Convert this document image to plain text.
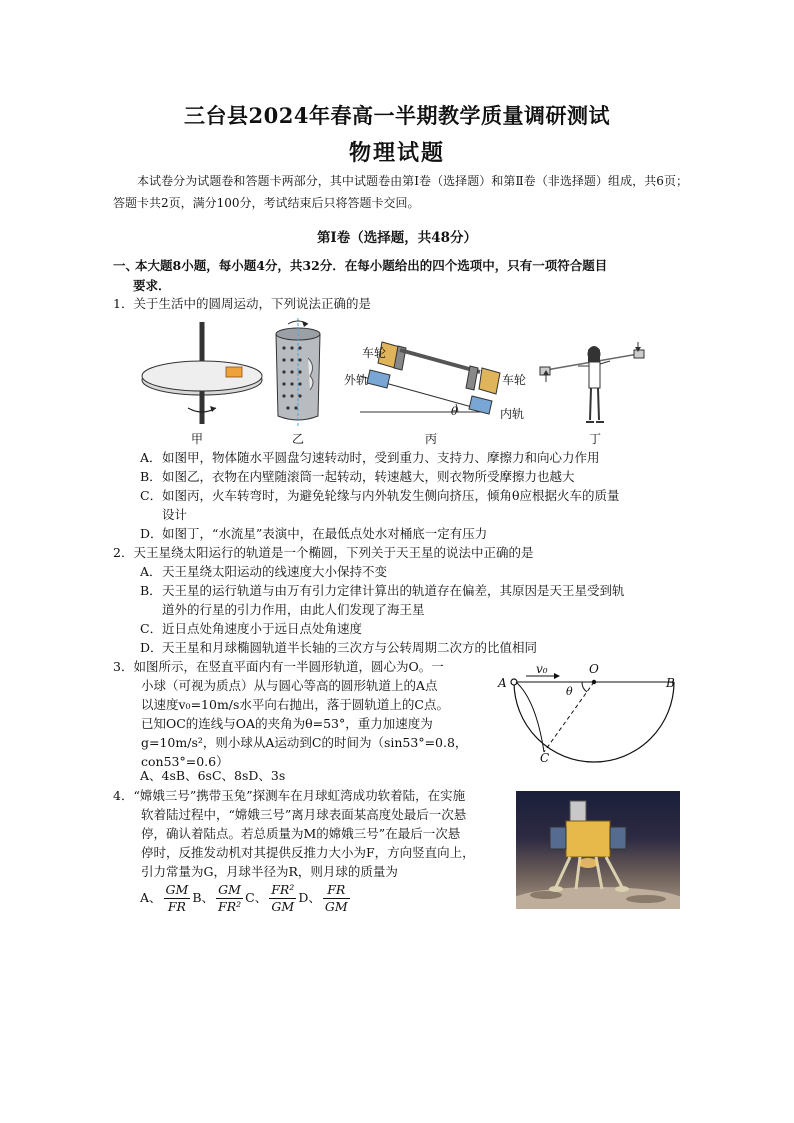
三台县2024年春高一半期教学质量调研测试
物理试题
本试卷分为试题卷和答题卡两部分，其中试题卷由第Ⅰ卷（选择题）和第Ⅱ卷（非选择题）组成，共6页；答题卡共2页，满分100分，考试结束后只将答题卡交回。
第Ⅰ卷（选择题，共48分）
一、本大题8小题，每小题4分，共32分．在每小题给出的四个选项中，只有一项符合题目
要求．
1．关于生活中的圆周运动，下列说法正确的是
车轮
外轨	车轮
内轨
θ
甲	乙	丙	丁
A．如图甲，物体随水平圆盘匀速转动时，受到重力、支持力、摩擦力和向心力作用
B．如图乙，衣物在内壁随滚筒一起转动，转速越大，则衣物所受摩擦力也越大
C．如图丙，火车转弯时，为避免轮缘与内外轨发生侧向挤压，倾角θ应根据火车的质量
设计
D．如图丁，“水流星”表演中，在最低点处水对桶底一定有压力
2．天王星绕太阳运行的轨道是一个椭圆，下列关于天王星的说法中正确的是
A．天王星绕太阳运动的线速度大小保持不变
B．天王星的运行轨道与由万有引力定律计算出的轨道存在偏差，其原因是天王星受到轨
道外的行星的引力作用，由此人们发现了海王星
C．近日点处角速度小于远日点处角速度
D．天王星和月球椭圆轨道半长轴的三次方与公转周期二次方的比值相同
3．如图所示，在竖直平面内有一半圆形轨道，圆心为O。一
小球（可视为质点）从与圆心等高的圆形轨道上的A点
以速度v₀=10m/s水平向右抛出，落于圆轨道上的C点。
已知OC的连线与OA的夹角为θ=53°，重力加速度为
g=10m/s²，则小球从A运动到C的时间为（sin53°=0.8，
con53°=0.6）
A、4sB、6sC、8sD、3s
A
v₀	O
θ
B
C
4．“嫦娥三号”携带玉兔”探测车在月球虹湾成功软着陆，在实施
软着陆过程中，“嫦娥三号”离月球表面某高度处最后一次悬
停，确认着陆点。若总质量为M的嫦娥三号”在最后一次悬
停时，反推发动机对其提供反推力大小为F，方向竖直向上，
引力常量为G，月球半径为R，则月球的质量为
A、 $\frac{GM}{FR}$ B、 $\frac{GM}{\text{FR²}}$ C、 $\frac{\text{FR²}}{GM}$ D、 $\frac{FR}{GM}$
